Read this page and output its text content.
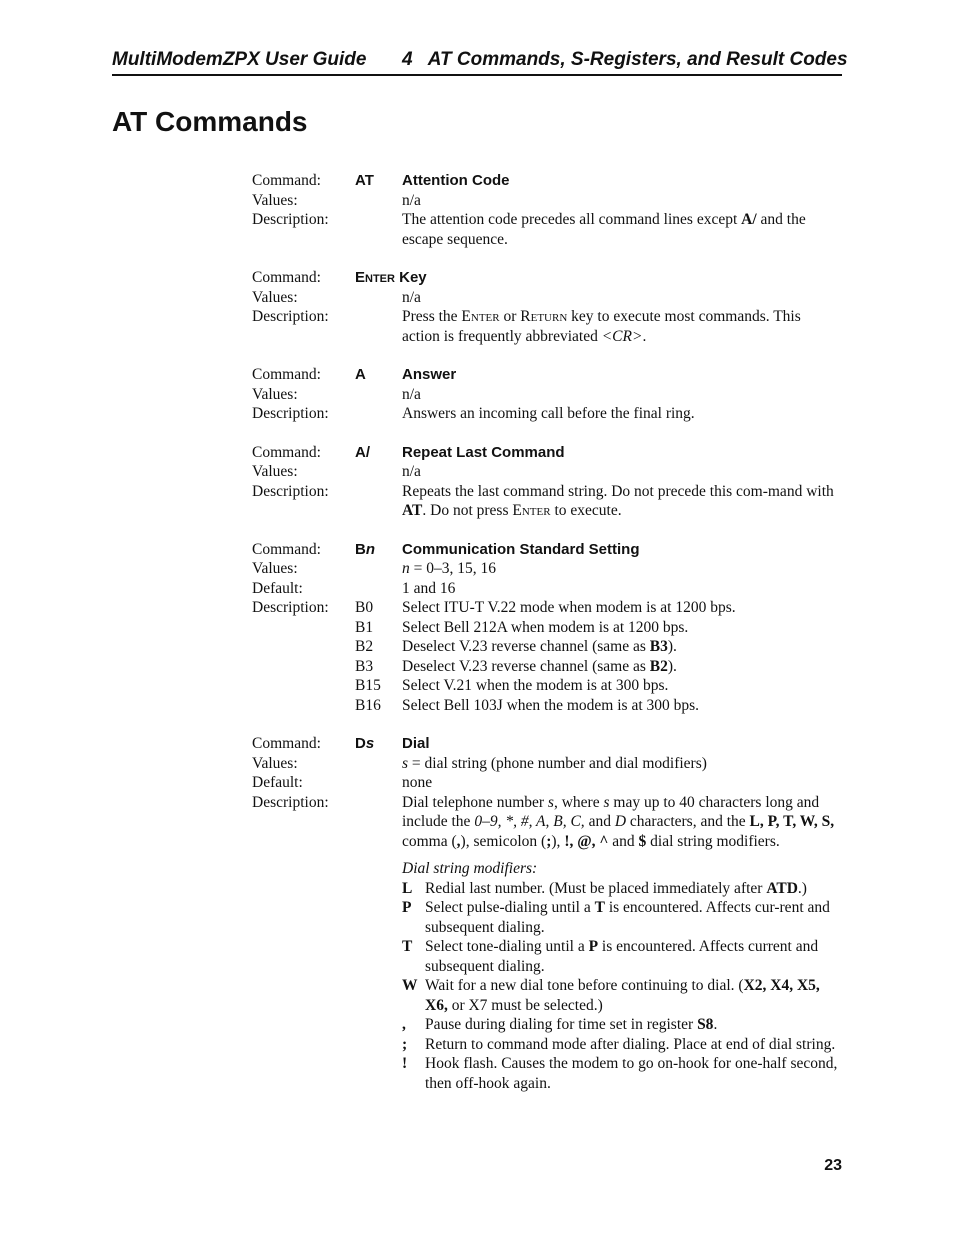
MultiModemZPX User Guide 4   AT Commands, S-Registers, and Result Codes
AT Commands
Command:	AT	Attention Code
Values:	n/a
Description:	The attention code precedes all command lines except A/ and the escape sequence.
Command:	Enter Key
Values:	n/a
Description:	Press the Enter or Return key to execute most commands. This action is frequently abbreviated <CR>.
Command:	A	Answer
Values:	n/a
Description:	Answers an incoming call before the final ring.
Command:	A/	Repeat Last Command
Values:	n/a
Description:	Repeats the last command string. Do not precede this com-mand with AT. Do not press Enter to execute.
Command:	Bn	Communication Standard Setting
Values:	n = 0–3, 15, 16
Default:	1 and 16
Description:	B0	Select ITU-T V.22 mode when modem is at 1200 bps.
B1	Select Bell 212A when modem is at 1200 bps.
B2	Deselect V.23 reverse channel (same as B3).
B3	Deselect V.23 reverse channel (same as B2).
B15	Select V.21 when the modem is at 300 bps.
B16	Select Bell 103J when the modem is at 300 bps.
Command:	Ds	Dial
Values:	s = dial string (phone number and dial modifiers)
Default:	none
Description:	Dial telephone number s, where s may up to 40 characters long and include the 0–9, *, #, A, B, C, and D characters, and the L, P, T, W, S, comma (,), semicolon (;), !, @, ^ and $ dial string modifiers.
Dial string modifiers:
L Redial last number. (Must be placed immediately after ATD.)
P Select pulse-dialing until a T is encountered. Affects cur-rent and subsequent dialing.
T Select tone-dialing until a P is encountered. Affects current and subsequent dialing.
W Wait for a new dial tone before continuing to dial. (X2, X4, X5, X6, or X7 must be selected.)
,	Pause during dialing for time set in register S8.
;	Return to command mode after dialing. Place at end of dial string.
!	Hook flash. Causes the modem to go on-hook for one-half second, then off-hook again.
23
